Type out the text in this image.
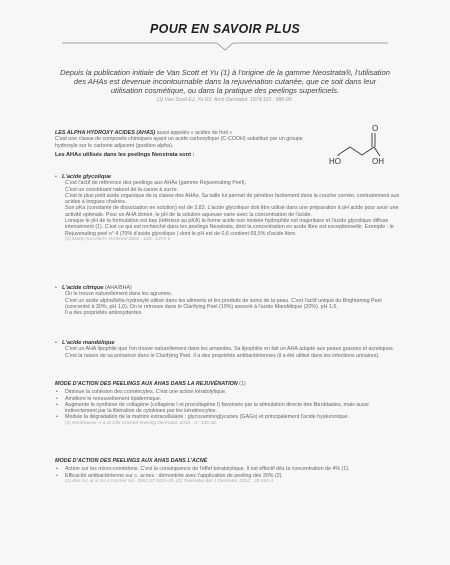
POUR EN SAVOIR PLUS
Depuis la publication initiale de Van Scott et Yu (1) à l'origine de la gamme Neostrata®, l'utilisation des AHAs est devenue incontournable dans la rejuvénation cutanée, que ce soit dans leur utilisation cosmétique, ou dans la pratique des peelings superficiels.
(1) Van Scott EJ, Yu RJ. Arch Dermatol. 1974;110 : 586-90.
LES ALPHA HYDROXY ACIDES (AHAS) aussi appelés « acides de fruit »
C'est une classe de composés chimiques ayant un acide carboxylique (C-COOH) substitué par un groupe hydroxyle sur le carbone adjacent (position alpha).
Les AHAs utilisés dans les peelings Neostrata sont :
O
HO	OH
• L'acide glycolique
C'est l'actif de référence des peelings aux AHAs (gamme Rejuvenating Peel).
C'est un constituant naturel de la canne à sucre.
C'est le plus petit acide organique de la classe des AHAs. Sa taille lui permet de pénétrer facilement dans la couche cornée, contrairement aux acides à longues chaînes.
Son pKa (constante de dissociation en solution) est de 3,83. L'acide glycolique doit être utilisé dans une préparation à pH acide pour avoir une activité optimale. Pour un AHA donné, le pH de la solution aqueuse varie avec la concentration de l'acide.
Lorsque le pH de la formulation est bas (inférieur au pKA) la forme acide non ionisée hydrophile est majoritaire et l'acide glycolique diffuse intensément (1). C'est ce qui est recherché dans les peelings Neostrata, dont la concentration en acide libre est exceptionnelle. Exemple : le Rejuvenating peel n° 4 (70% d'acide glycolique ) dont le pH est de 0,6 contient 69,5% d'acide libre.
(1) Marty Ann Derm Venereol 2002 ; 129 : 1374-6
• L'acide citrique (AHA/BHA)
On le trouve naturellement dans les agrumes.
C'est un acide alpha/bêta-hydroxylé utilisé dans les aliments et les produits de soins de la peau. C'est l'actif unique du Brightening Peel (concentré à 30%, pH 1,6). On le retrouve dans le Clarifying Peel (10%) associé à l'acide Mandélique (20%). pH 1,6.
Il a des propriétés antioxydantes.
• L'acide mandélique
C'est un AHA lipophile que l'on trouve naturellement dans les amandes. Sa lipophilie en fait un AHA adapté aux peaux grasses et acnéiques. C'est la raison de sa présence dans le Clarifying Peel. Il a des propriétés antibactériennes (il a été utilisé dans les infections urinaires).
MODE D'ACTION DES PEELINGS AUX AHAS DANS LA REJUVÉNATION (1)
• Diminue la cohésion des cornéocytes. C'est une action kératolytique.
• Améliore le renouvellement épidermique.
• Augmente la synthèse de collagène (collagène I et procollagène I) favorisée par la stimulation directe des fibroblastes, mais aussi indirectement par la libération de cytokines par les kératinocytes.
• Module la dégradation de la matrice extracellulaire : glycosaminoglycanes (GAGs) et principalement l'acide hyaluronique.
(1) Kornhauser A & al Clin Cosmet Investig Dermatol. 2010 ; 3 : 135-42.
MODE D'ACTION DES PEELINGS AUX AHAS DANS L'ACNÉ
• Action sur les micro-comédons. C'est la conséquence de l'effet kératolytique. Il est effectif dès la concentration de 4% (1).
• Efficacité antibactérienne sur c. acnes : démontrée avec l'application de peeling dès 30% (2).
(1) Kim SJ, & al Int J Cosmet Sci. 2001;57:1019-25. (2) Takenaka &al J Dermatol. 2012 ; 39:350-4
